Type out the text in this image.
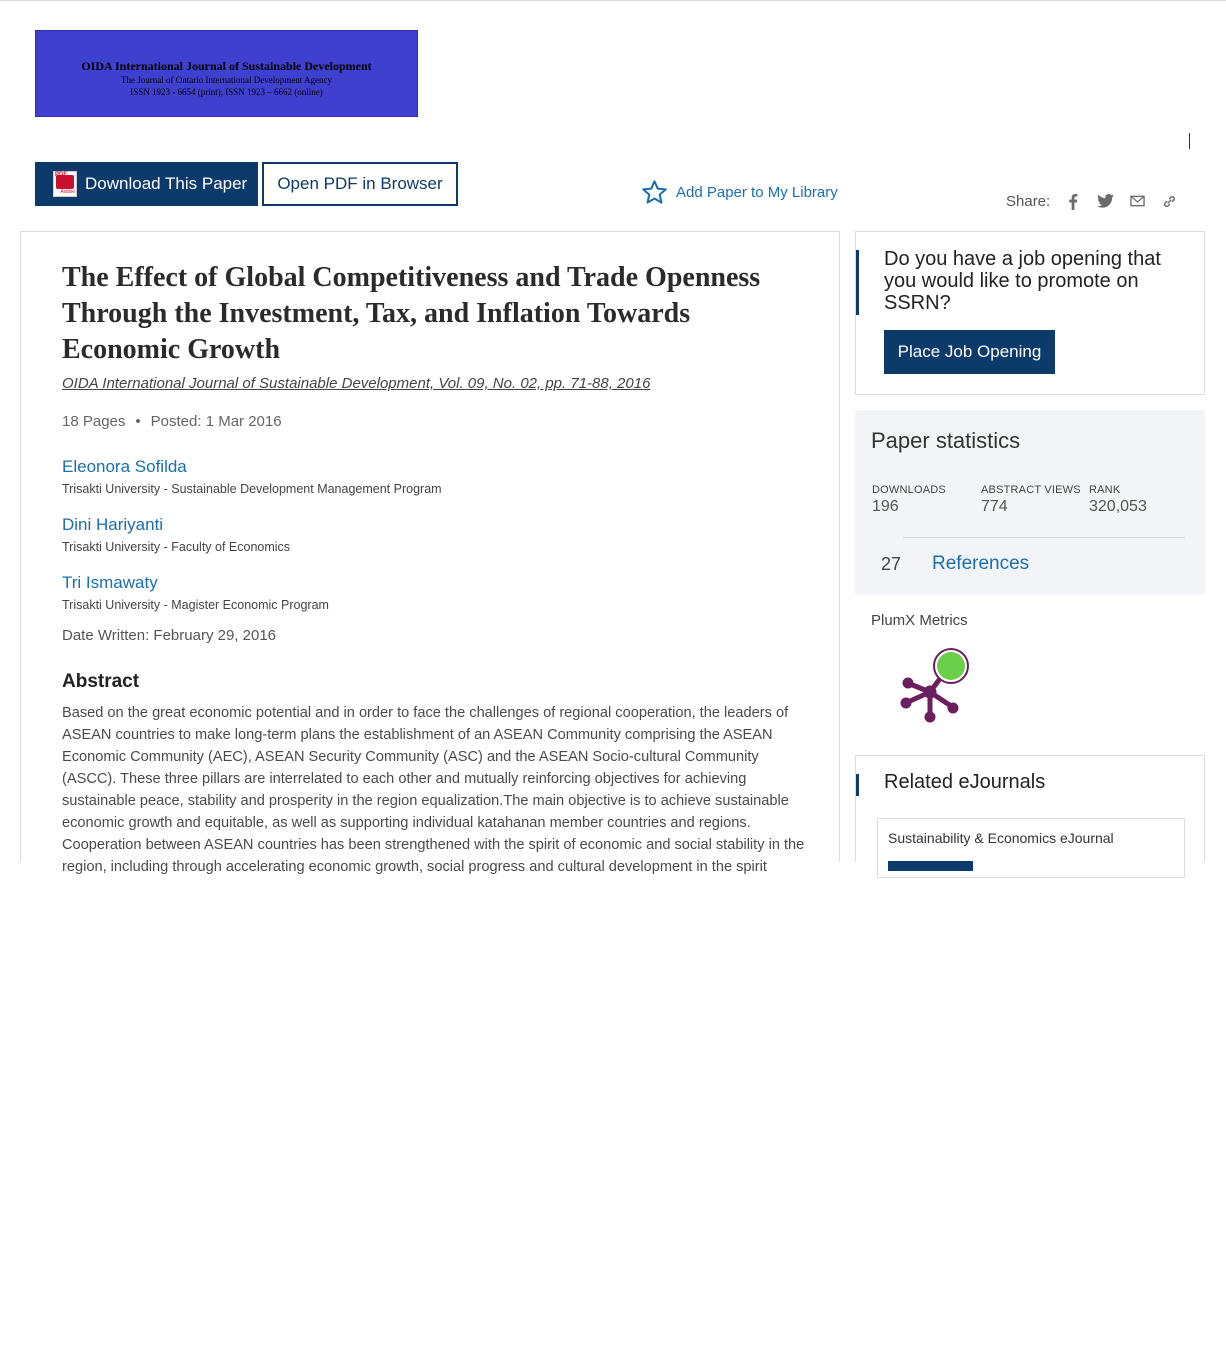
OIDA International Journal of Sustainable Development
The Journal of Ontario International Development Agency
ISSN 1923 - 6654 (print), ISSN 1923 – 6662 (online)
PDF
Adobe Download This Paper Open PDF in Browser	Add Paper to My Library	Share:
The Effect of Global Competitiveness and Trade Openness Through the Investment, Tax, and Inflation Towards Economic Growth
OIDA International Journal of Sustainable Development, Vol. 09, No. 02, pp. 71-88, 2016
18 Pages • Posted: 1 Mar 2016
Eleonora Sofilda
Trisakti University - Sustainable Development Management Program
Dini Hariyanti
Trisakti University - Faculty of Economics
Tri Ismawaty
Trisakti University - Magister Economic Program
Date Written: February 29, 2016
Abstract

Based on the great economic potential and in order to face the challenges of regional cooperation, the leaders of ASEAN countries to make long-term plans the establishment of an ASEAN Community comprising the ASEAN Economic Community (AEC), ASEAN Security Community (ASC) and the ASEAN Socio-cultural Community (ASCC). These three pillars are interrelated to each other and mutually reinforcing objectives for achieving sustainable peace, stability and prosperity in the region equalization.The main objective is to achieve sustainable economic growth and equitable, as well as supporting individual katahanan member countries and regions. Cooperation between ASEAN countries has been strengthened with the spirit of economic and social stability in the region, including through accelerating economic growth, social progress and cultural development in the spirit

Do you have a job opening that you would like to promote on SSRN?
Place Job Opening
Paper statistics
DOWNLOADS
196
ABSTRACT VIEWS
774
RANK
320,053
27 References
PlumX Metrics
Related eJournals
Sustainability & Economics eJournal
